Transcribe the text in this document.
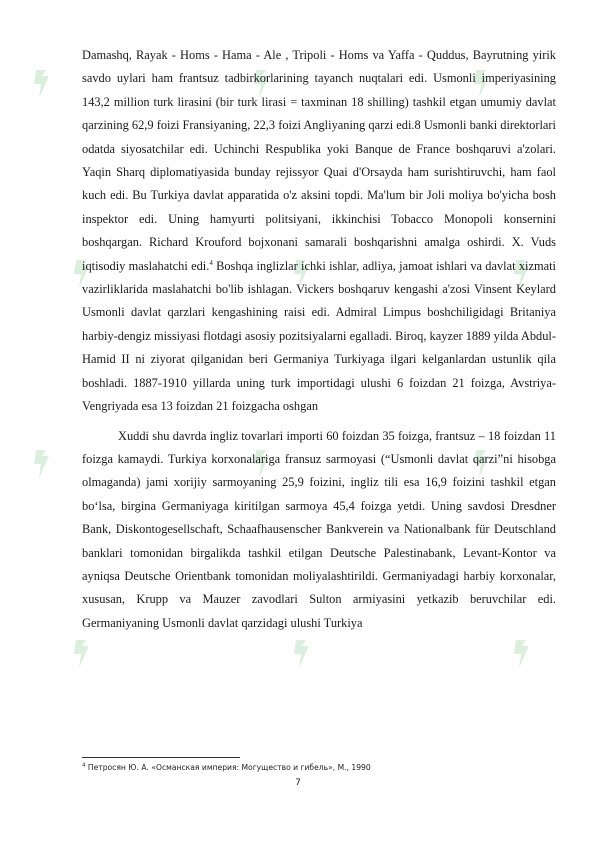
Damashq, Rayak - Homs - Hama - Ale , Tripoli - Homs va Yaffa - Quddus, Bayrutning yirik savdo uylari ham frantsuz tadbirkorlarining tayanch nuqtalari edi. Usmonli imperiyasining 143,2 million turk lirasini (bir turk lirasi = taxminan 18 shilling) tashkil etgan umumiy davlat qarzining 62,9 foizi Fransiyaning, 22,3 foizi Angliyaning qarzi edi.8 Usmonli banki direktorlari odatda siyosatchilar edi. Uchinchi Respublika yoki Banque de France boshqaruvi a'zolari. Yaqin Sharq diplomatiyasida bunday rejissyor Quai d'Orsayda ham surishtiruvchi, ham faol kuch edi. Bu Turkiya davlat apparatida o'z aksini topdi. Ma'lum bir Joli moliya bo'yicha bosh inspektor edi. Uning hamyurti politsiyani, ikkinchisi Tobacco Monopoli konsernini boshqargan. Richard Krouford bojxonani samarali boshqarishni amalga oshirdi. X. Vuds iqtisodiy maslahatchi edi.$^4$ Boshqa inglizlar ichki ishlar, adliya, jamoat ishlari va davlat xizmati vazirliklarida maslahatchi bo'lib ishlagan. Vickers boshqaruv kengashi a'zosi Vinsent Keylard Usmonli davlat qarzlari kengashining raisi edi. Admiral Limpus boshchiligidagi Britaniya harbiy-dengiz missiyasi flotdagi asosiy pozitsiyalarni egalladi. Biroq, kayzer 1889 yilda Abdul-Hamid II ni ziyorat qilganidan beri Germaniya Turkiyaga ilgari kelganlardan ustunlik qila boshladi. 1887-1910 yillarda uning turk importidagi ulushi 6 foizdan 21 foizga, Avstriya-Vengriyada esa 13 foizdan 21 foizgacha oshgan

Xuddi shu davrda ingliz tovarlari importi 60 foizdan 35 foizga, frantsuz – 18 foizdan 11 foizga kamaydi. Turkiya korxonalariga fransuz sarmoyasi (“Usmonli davlat qarzi”ni hisobga olmaganda) jami xorijiy sarmoyaning 25,9 foizini, ingliz tili esa 16,9 foizini tashkil etgan bo‘lsa, birgina Germaniyaga kiritilgan sarmoya 45,4 foizga yetdi. Uning savdosi Dresdner Bank, Diskontogesellschaft, Schaafhausenscher Bankverein va Nationalbank für Deutschland banklari tomonidan birgalikda tashkil etilgan Deutsche Palestinabank, Levant-Kontor va ayniqsa Deutsche Orientbank tomonidan moliyalashtirildi. Germaniyadagi harbiy korxonalar, xususan, Krupp va Mauzer zavodlari Sulton armiyasini yetkazib beruvchilar edi. Germaniyaning Usmonli davlat qarzidagi ulushi Turkiya

$^4$ Петросян Ю. А. «Османская империя: Могущество и гибель», М., 1990
7
